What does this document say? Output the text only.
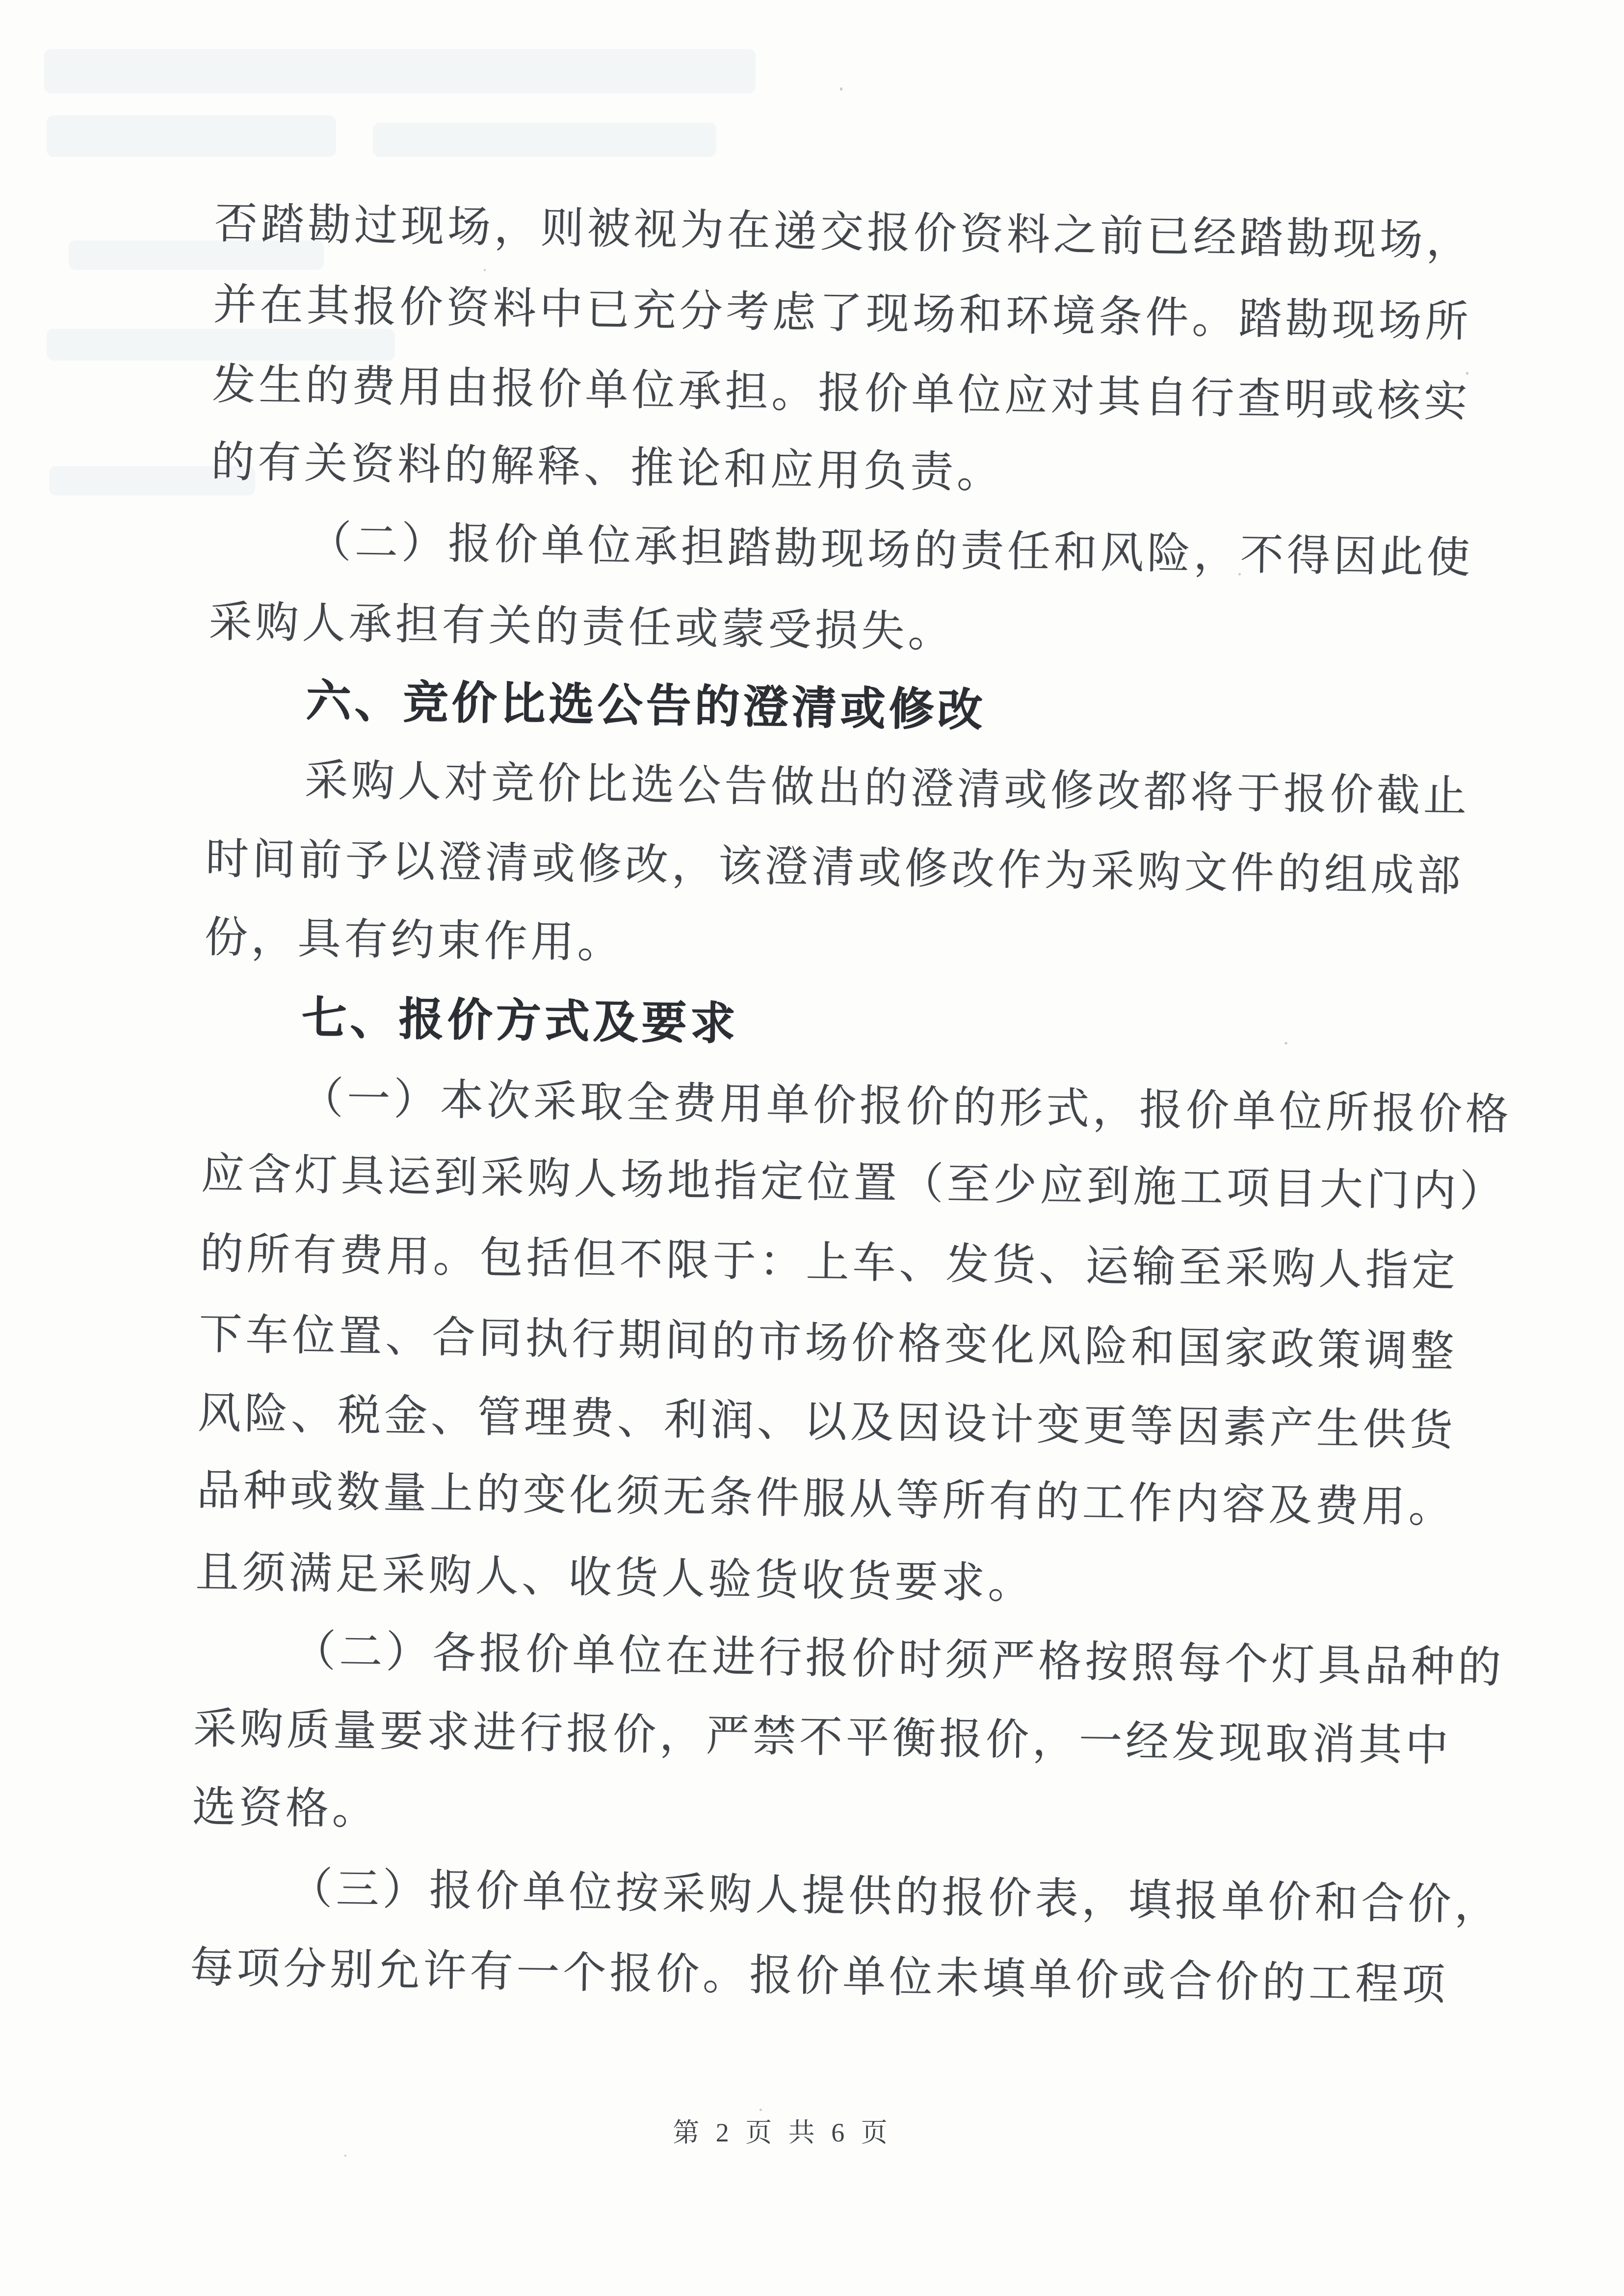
否踏勘过现场，则被视为在递交报价资料之前已经踏勘现场，
并在其报价资料中已充分考虑了现场和环境条件。踏勘现场所
发生的费用由报价单位承担。报价单位应对其自行查明或核实
的有关资料的解释、推论和应用负责。
（二）报价单位承担踏勘现场的责任和风险，不得因此使
采购人承担有关的责任或蒙受损失。
六、竞价比选公告的澄清或修改
采购人对竞价比选公告做出的澄清或修改都将于报价截止
时间前予以澄清或修改，该澄清或修改作为采购文件的组成部
份，具有约束作用。
七、报价方式及要求
（一）本次采取全费用单价报价的形式，报价单位所报价格
应含灯具运到采购人场地指定位置（至少应到施工项目大门内）
的所有费用。包括但不限于：上车、发货、运输至采购人指定
下车位置、合同执行期间的市场价格变化风险和国家政策调整
风险、税金、管理费、利润、以及因设计变更等因素产生供货
品种或数量上的变化须无条件服从等所有的工作内容及费用。
且须满足采购人、收货人验货收货要求。
（二）各报价单位在进行报价时须严格按照每个灯具品种的
采购质量要求进行报价，严禁不平衡报价，一经发现取消其中
选资格。
（三）报价单位按采购人提供的报价表，填报单价和合价，
每项分别允许有一个报价。报价单位未填单价或合价的工程项
第 2 页 共 6 页
